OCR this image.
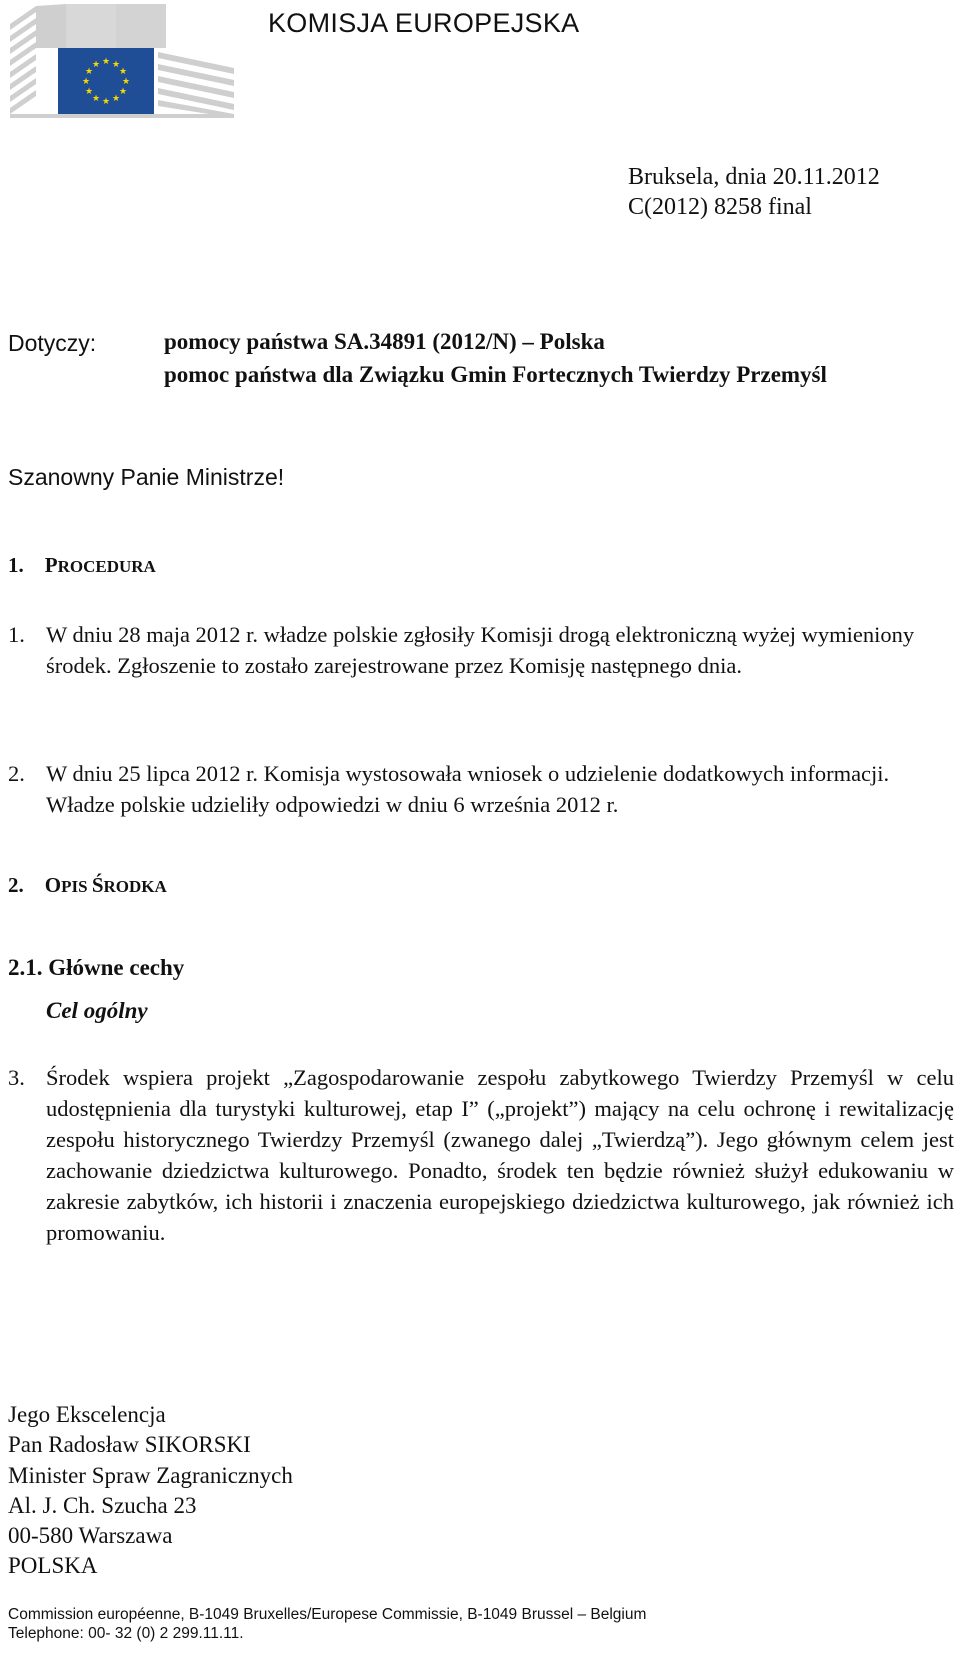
★ ★
★
★
★
★
★
★
★
★
★
★
KOMISJA EUROPEJSKA
Bruksela, dnia 20.11.2012
C(2012) 8258 final
Dotyczy:	pomocy państwa SA.34891 (2012/N) – Polska
pomoc państwa dla Związku Gmin Fortecznych Twierdzy Przemyśl
Szanowny Panie Ministrze!
1. PROCEDURA
1. W dniu 28 maja 2012 r. władze polskie zgłosiły Komisji drogą elektroniczną wyżej wymieniony środek. Zgłoszenie to zostało zarejestrowane przez Komisję następnego dnia.
2. W dniu 25 lipca 2012 r. Komisja wystosowała wniosek o udzielenie dodatkowych informacji. Władze polskie udzieliły odpowiedzi w dniu 6 września 2012 r.
2. OPIS ŚRODKA
2.1. Główne cechy
Cel ogólny
3. Środek wspiera projekt „Zagospodarowanie zespołu zabytkowego Twierdzy Przemyśl w celu udostępnienia dla turystyki kulturowej, etap I” („projekt”) mający na celu ochronę i rewitalizację zespołu historycznego Twierdzy Przemyśl (zwanego dalej „Twierdzą”). Jego głównym celem jest zachowanie dziedzictwa kulturowego. Ponadto, środek ten będzie również służył edukowaniu w zakresie zabytków, ich historii i znaczenia europejskiego dziedzictwa kulturowego, jak również ich promowaniu.
Jego Ekscelencja
Pan Radosław SIKORSKI
Minister Spraw Zagranicznych
Al. J. Ch. Szucha 23
00-580 Warszawa
POLSKA
Commission européenne, B-1049 Bruxelles/Europese Commissie, B-1049 Brussel – Belgium
Telephone: 00- 32 (0) 2 299.11.11.
